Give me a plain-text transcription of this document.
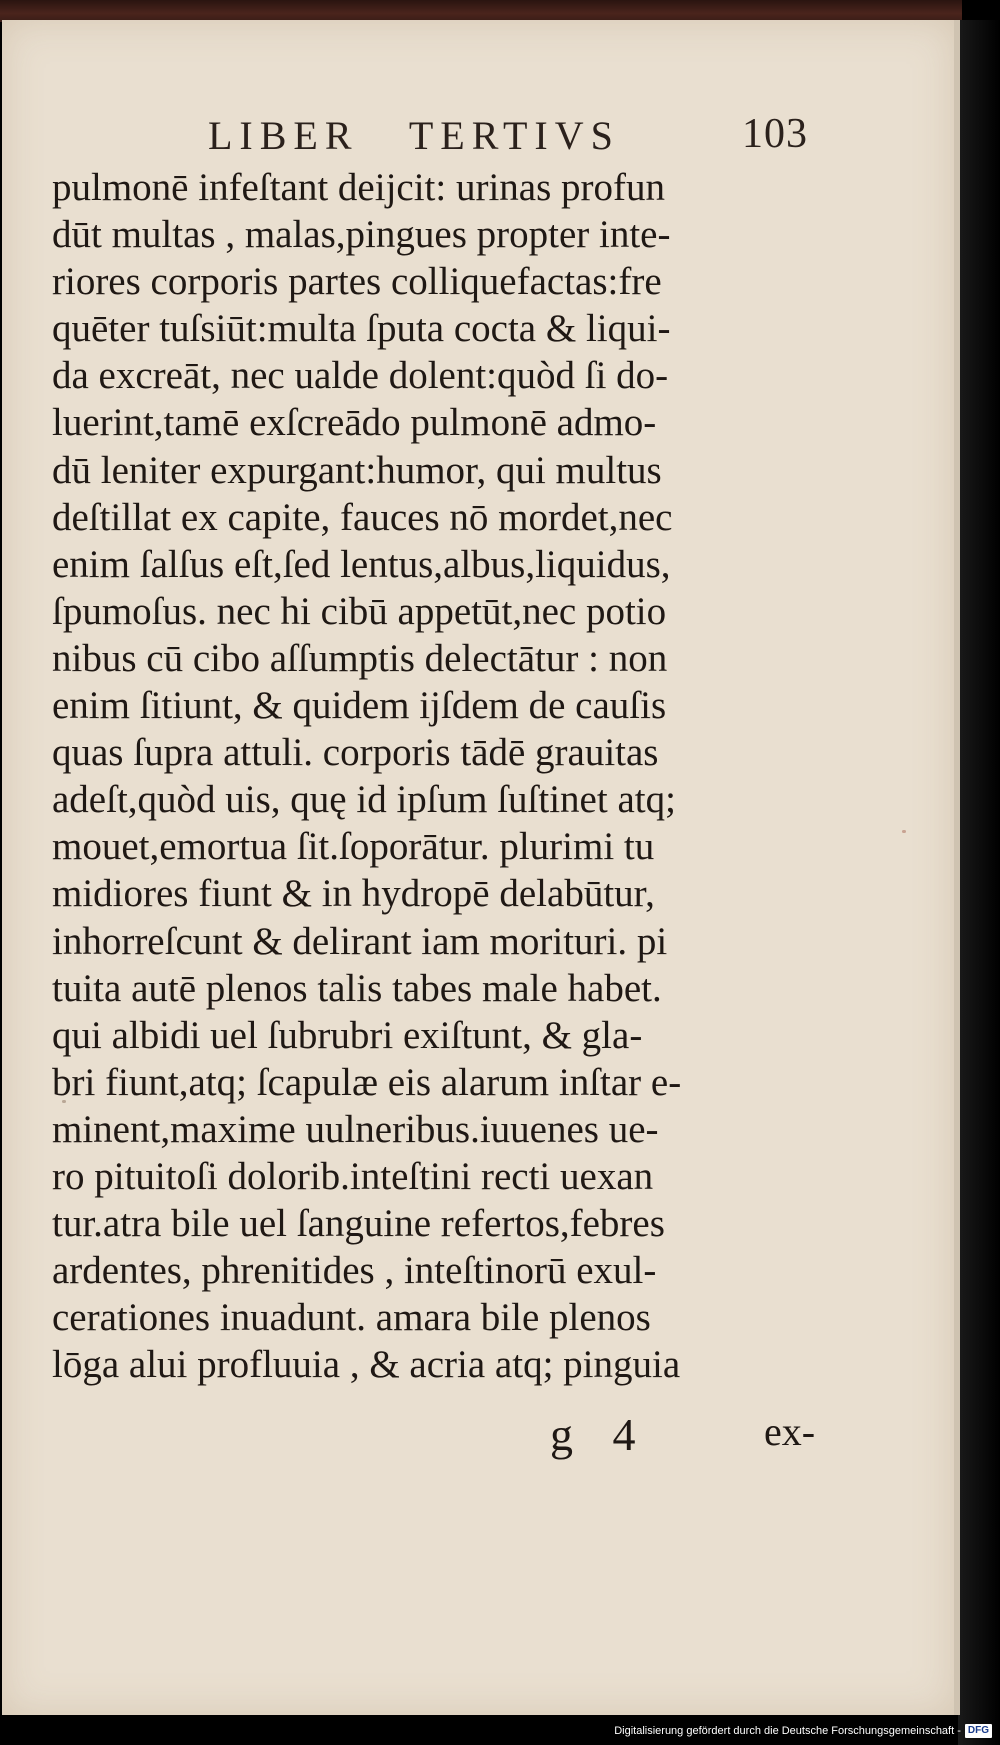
LIBER   TERTIVS	103
pulmonē infeſtant deijcit: urinas profun
dūt multas , malas,pingues propter inte-
riores corporis partes colliquefactas:fre
quēter tuſsiūt:multa ſputa cocta & liqui-
da excreāt, nec ualde dolent:quòd ſi do-
luerint,tamē exſcreādo pulmonē admo-
dū leniter expurgant:humor, qui multus
deſtillat ex capite, fauces nō mordet,nec
enim ſalſus eſt,ſed lentus,albus,liquidus,
ſpumoſus. nec hi cibū appetūt,nec potio
nibus cū cibo aſſumptis delectātur : non
enim ſitiunt, & quidem ijſdem de cauſis
quas ſupra attuli. corporis tādē grauitas
adeſt,quòd uis, quę id ipſum ſuſtinet atq;
mouet,emortua ſit.ſoporātur. plurimi tu
midiores fiunt & in hydropē delabūtur,
inhorreſcunt & delirant iam morituri. pi
tuita autē plenos talis tabes male habet.
qui albidi uel ſubrubri exiſtunt, & gla-
bri fiunt,atq; ſcapulæ eis alarum inſtar e-
minent,maxime uulneribus.iuuenes ue-
ro pituitoſi dolorib.inteſtini recti uexan
tur.atra bile uel ſanguine refertos,febres
ardentes, phrenitides , inteſtinorū exul-
cerationes inuadunt. amara bile plenos
lōga alui profluuia , & acria atq; pinguia
g 4	ex-
Digitalisierung gefördert durch die Deutsche Forschungsgemeinschaft - DFG
